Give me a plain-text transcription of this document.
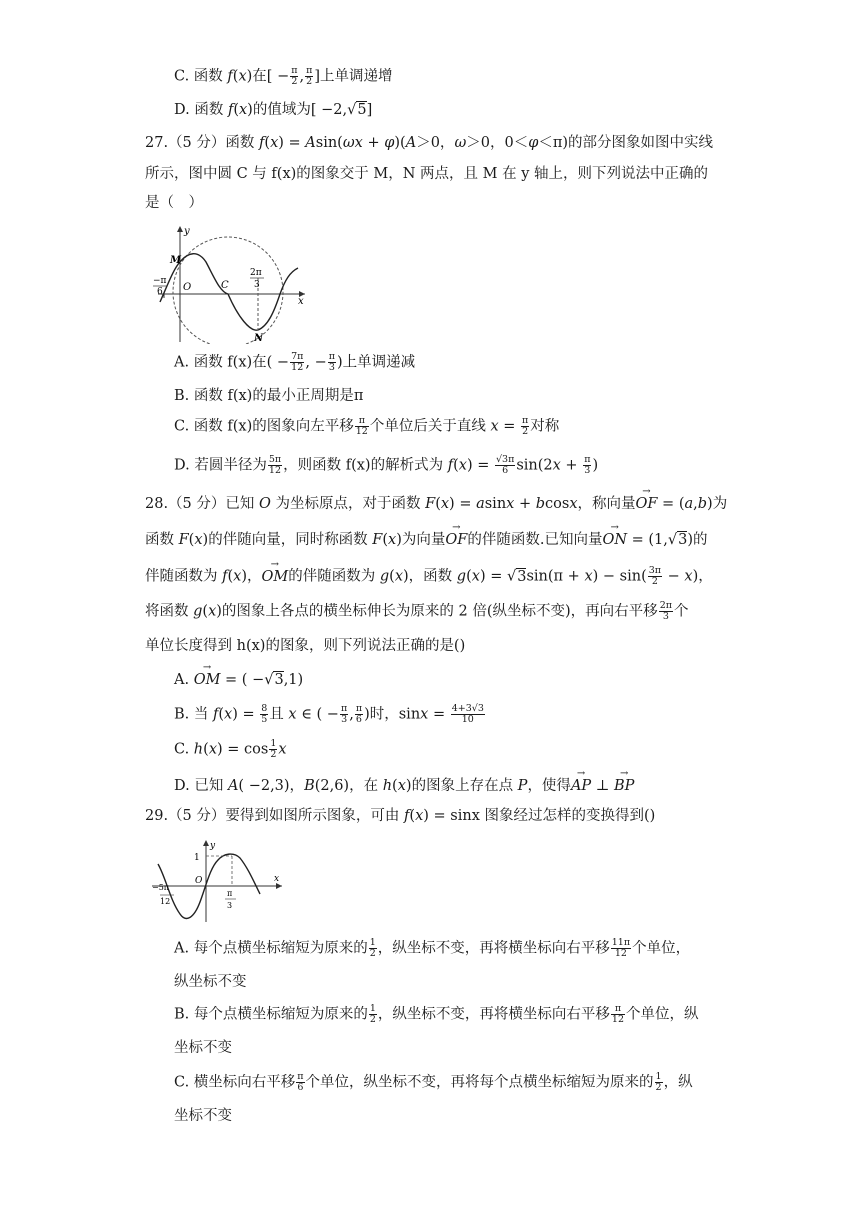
C. 函数 f(x)在[ − $\frac{\pi}{2}$ , $\frac{\pi}{2}$ ]上单调递增
D. 函数 f(x)的值域为[ −2,√5]
27.（5 分）函数 f(x) = Asin(ωx + φ)(A＞0，ω＞0，0＜φ＜π)的部分图象如图中实线
所示，图中圆 C 与 f(x)的图象交于 M，N 两点，且 M 在 y 轴上，则下列说法中正确的
是（　）
y
M
−π
6 O	C
2π
3
x
N
A. 函数 f(x)在( − $\frac{7\pi}{12}$ , − $\frac{\pi}{3}$ )上单调递减
B. 函数 f(x)的最小正周期是π
C. 函数 f(x)的图象向左平移 $\frac{\pi}{12}$ 个单位后关于直线 $x = \frac{\pi}{2}$ 对称
D. 若圆半径为 $\frac{5\pi}{12}$ ，则函数 f(x)的解析式为 $f(x) = \frac{√3\pi}{6} \sin(2x + \frac{\pi}{3}$ )
28.（5 分）已知 O 为坐标原点，对于函数 F(x) = asinx + bcosx，称向量→ OF = (a,b)为
函数 F(x)的伴随向量，同时称函数 F(x)为向量→ OF的伴随函数.已知向量→ ON = (1,√3)的
伴随函数为 f(x)，→ OM的伴随函数为 g(x)，函数 $g(x) = √3\sin(\pi + x) - \sin( \frac{3\pi}{2} - x)$，
将函数 g(x)的图象上各点的横坐标伸长为原来的 2 倍(纵坐标不变)，再向右平移 $\frac{2\pi}{3}$ 个
单位长度得到 h(x)的图象，则下列说法正确的是()
A. → OM = ( −√3,1)
B. 当 $f(x) = \frac{8}{5}$ 且 x ∈ ( − $\frac{\pi}{3}$ , $\frac{\pi}{6}$ )时，$\sin x = \frac{4+3√3}{10}$
C. $h(x) = \cos \frac{1}{2}$ x
D. 已知 A( −2,3)，B(2,6)，在 h(x)的图象上存在点 P，使得→ AP ⊥ → BP
29.（5 分）要得到如图所示图象，可由 f(x) = sinx 图象经过怎样的变换得到()
y
1
O	x
−5π
12
π
3
A. 每个点横坐标缩短为原来的 $\frac{1}{2}$ ，纵坐标不变，再将横坐标向右平移 $\frac{11\pi}{12}$ 个单位，
纵坐标不变
B. 每个点横坐标缩短为原来的 $\frac{1}{2}$ ，纵坐标不变，再将横坐标向右平移 $\frac{\pi}{12}$ 个单位，纵
坐标不变
C. 横坐标向右平移 $\frac{\pi}{6}$ 个单位，纵坐标不变，再将每个点横坐标缩短为原来的 $\frac{1}{2}$ ，纵
坐标不变
